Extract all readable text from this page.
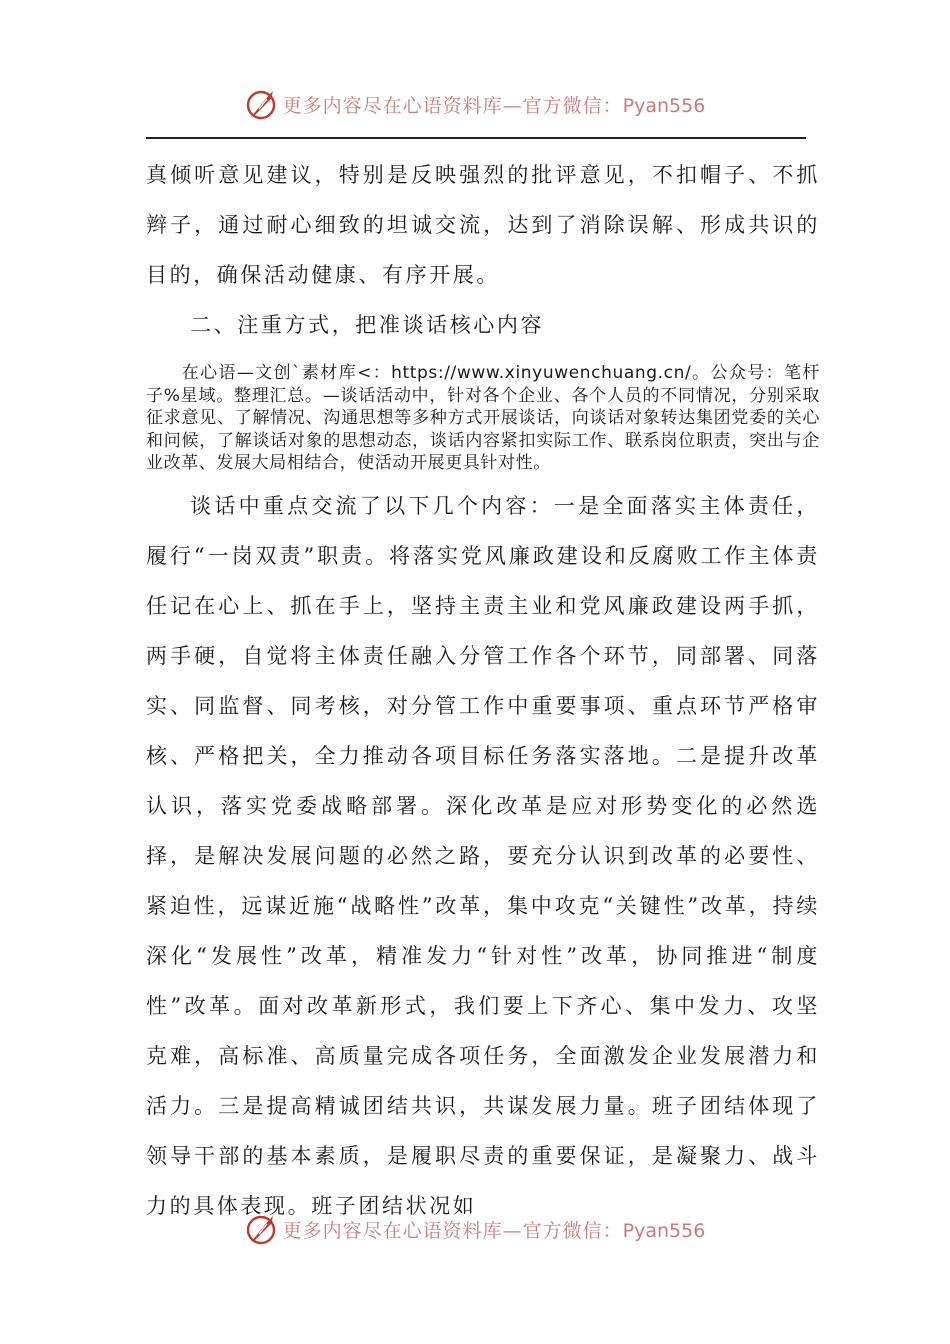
更多内容尽在心语资料库—官方微信：Pyan556

真倾听意见建议，特别是反映强烈的批评意见，不扣帽子、不抓辫子，通过耐心细致的坦诚交流，达到了消除误解、形成共识的目的，确保活动健康、有序开展。

二、注重方式，把准谈话核心内容

在心语—文创`素材库<：https://www.xinyuwenchuang.cn/。公众号：笔杆子%星域。整理汇总。—谈话活动中，针对各个企业、各个人员的不同情况，分别采取征求意见、了解情况、沟通思想等多种方式开展谈话，向谈话对象转达集团党委的关心和问候，了解谈话对象的思想动态，谈话内容紧扣实际工作、联系岗位职责，突出与企业改革、发展大局相结合，使活动开展更具针对性。

谈话中重点交流了以下几个内容：一是全面落实主体责任，履行“一岗双责”职责。将落实党风廉政建设和反腐败工作主体责任记在心上、抓在手上，坚持主责主业和党风廉政建设两手抓，两手硬，自觉将主体责任融入分管工作各个环节，同部署、同落实、同监督、同考核，对分管工作中重要事项、重点环节严格审核、严格把关，全力推动各项目标任务落实落地。二是提升改革认识，落实党委战略部署。深化改革是应对形势变化的必然选择，是解决发展问题的必然之路，要充分认识到改革的必要性、紧迫性，远谋近施“战略性”改革，集中攻克“关键性”改革，持续深化“发展性”改革，精准发力“针对性”改革，协同推进“制度性”改革。面对改革新形式，我们要上下齐心、集中发力、攻坚克难，高标准、高质量完成各项任务，全面激发企业发展潜力和活力。三是提高精诚团结共识，共谋发展力量。班子团结体现了领导干部的基本素质，是履职尽责的重要保证，是凝聚力、战斗力的具体表现。班子团结状况如

更多内容尽在心语资料库—官方微信：Pyan556
